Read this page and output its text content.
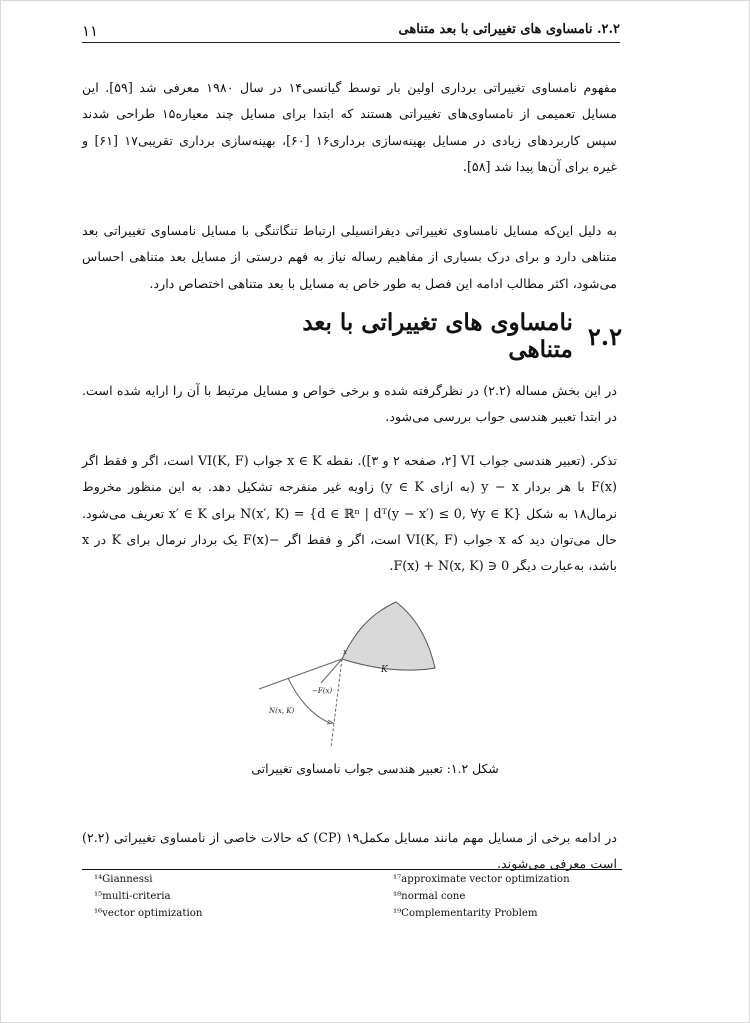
۱۱	۲.۲. نامساوی های تغییراتی با بعد متناهی

مفهوم نامساوی تغییراتی برداری اولین بار توسط گیانسی۱۴ در سال ۱۹۸۰ معرفی شد [۵۹]. این مسایل تعمیمی از نامساوی‌های تغییراتی هستند که ابتدا برای مسایل چند معیاره۱۵ طراحی شدند سپس کاربردهای زیادی در مسایل بهینه‌سازی برداری۱۶ [۶۰]، بهینه‌سازی برداری تقریبی۱۷ [۶۱] و غیره برای آن‌ها پیدا شد [۵۸].

به دلیل این‌که مسایل نامساوی تغییراتی دیفرانسیلی ارتباط تنگاتنگی با مسایل نامساوی تغییراتی بعد متناهی دارد و برای درک بسیاری از مفاهیم رساله نیاز به فهم درستی از مسایل بعد متناهی احساس می‌شود، اکثر مطالب ادامه این فصل به طور خاص به مسایل با بعد متناهی اختصاص دارد.

نامساوی های تغییراتی با بعد متناهی ۲.۲

در این بخش مساله (۲.۲) در نظرگرفته شده و برخی خواص و مسایل مرتبط با آن را ارایه شده است. در ابتدا تعبیر هندسی جواب بررسی می‌شود.

تذکر. (تعبیر هندسی جواب VI [۲، صفحه ۲ و ۳]). نقطه x ∈ K جواب VI(K, F) است، اگر و فقط اگر F(x) با هر بردار y − x (به ازای y ∈ K) زاویه غیر منفرجه تشکیل دهد. به این منظور مخروط نرمال۱۸ به شکل N(x′, K) = {d ∈ ℝⁿ | dᵀ(y − x′) ≤ 0, ∀y ∈ K} برای x′ ∈ K تعریف می‌شود. حال می‌توان دید که x جواب VI(K, F) است، اگر و فقط اگر −F(x) یک بردار نرمال برای K در x باشد، به‌عبارت دیگر 0 ∈ F(x) + N(x, K).

K
x
−F(x)
N(x, K)
شکل ۱.۲: تعبیر هندسی جواب نامساوی تغییراتی

در ادامه برخی از مسایل مهم مانند مسایل مکمل۱۹ (CP) که حالات خاصی از نامساوی تغییراتی (۲.۲) است معرفی می‌شوند.

¹⁴Giannessi
¹⁵multi-criteria
¹⁶vector optimization
¹⁷approximate vector optimization
¹⁸normal cone
¹⁹Complementarity Problem
